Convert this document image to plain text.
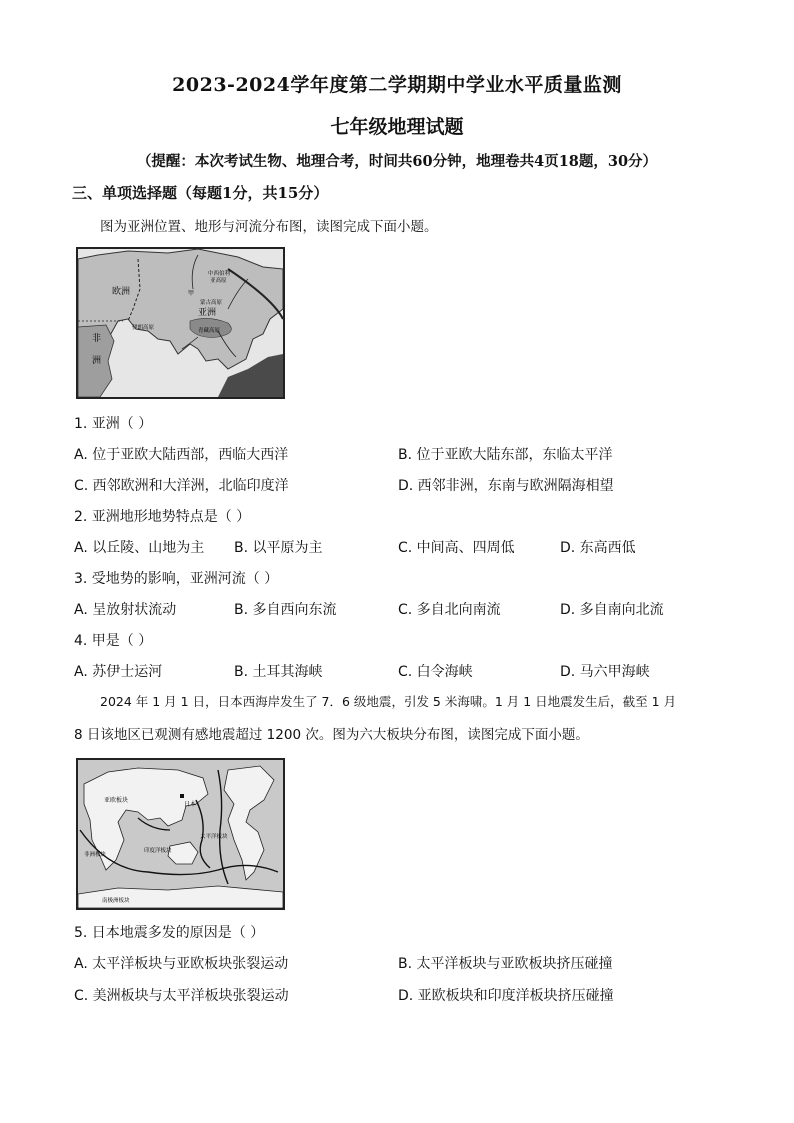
2023-2024学年度第二学期期中学业水平质量监测
七年级地理试题
（提醒：本次考试生物、地理合考，时间共60分钟，地理卷共4页18题，30分）
三、单项选择题（每题1分，共15分）
图为亚洲位置、地形与河流分布图，读图完成下面小题。
欧洲
亚洲
非
洲
中西伯利
亚高原
蒙古高原
伊朗高原	青藏高原
甲
1. 亚洲（ ）
A. 位于亚欧大陆西部，西临大西洋	B. 位于亚欧大陆东部，东临太平洋
C. 西邻欧洲和大洋洲，北临印度洋	D. 西邻非洲，东南与欧洲隔海相望
2. 亚洲地形地势特点是（ ）
A. 以丘陵、山地为主 B. 以平原为主	C. 中间高、四周低	D. 东高西低
3. 受地势的影响，亚洲河流（ ）
A. 呈放射状流动	B. 多自西向东流	C. 多自北向南流	D. 多自南向北流
4. 甲是（ ）
A. 苏伊士运河	B. 土耳其海峡	C. 白令海峡	D. 马六甲海峡
2024 年 1 月 1 日，日本西海岸发生了 7．6 级地震，引发 5 米海啸。1 月 1 日地震发生后，截至 1 月
8 日该地区已观测有感地震超过 1200 次。图为六大板块分布图，读图完成下面小题。
亚欧板块
日本
太平洋板块
印度洋板块
非洲板块
南极洲板块
5. 日本地震多发的原因是（ ）
A. 太平洋板块与亚欧板块张裂运动	B. 太平洋板块与亚欧板块挤压碰撞
C. 美洲板块与太平洋板块张裂运动	D. 亚欧板块和印度洋板块挤压碰撞
